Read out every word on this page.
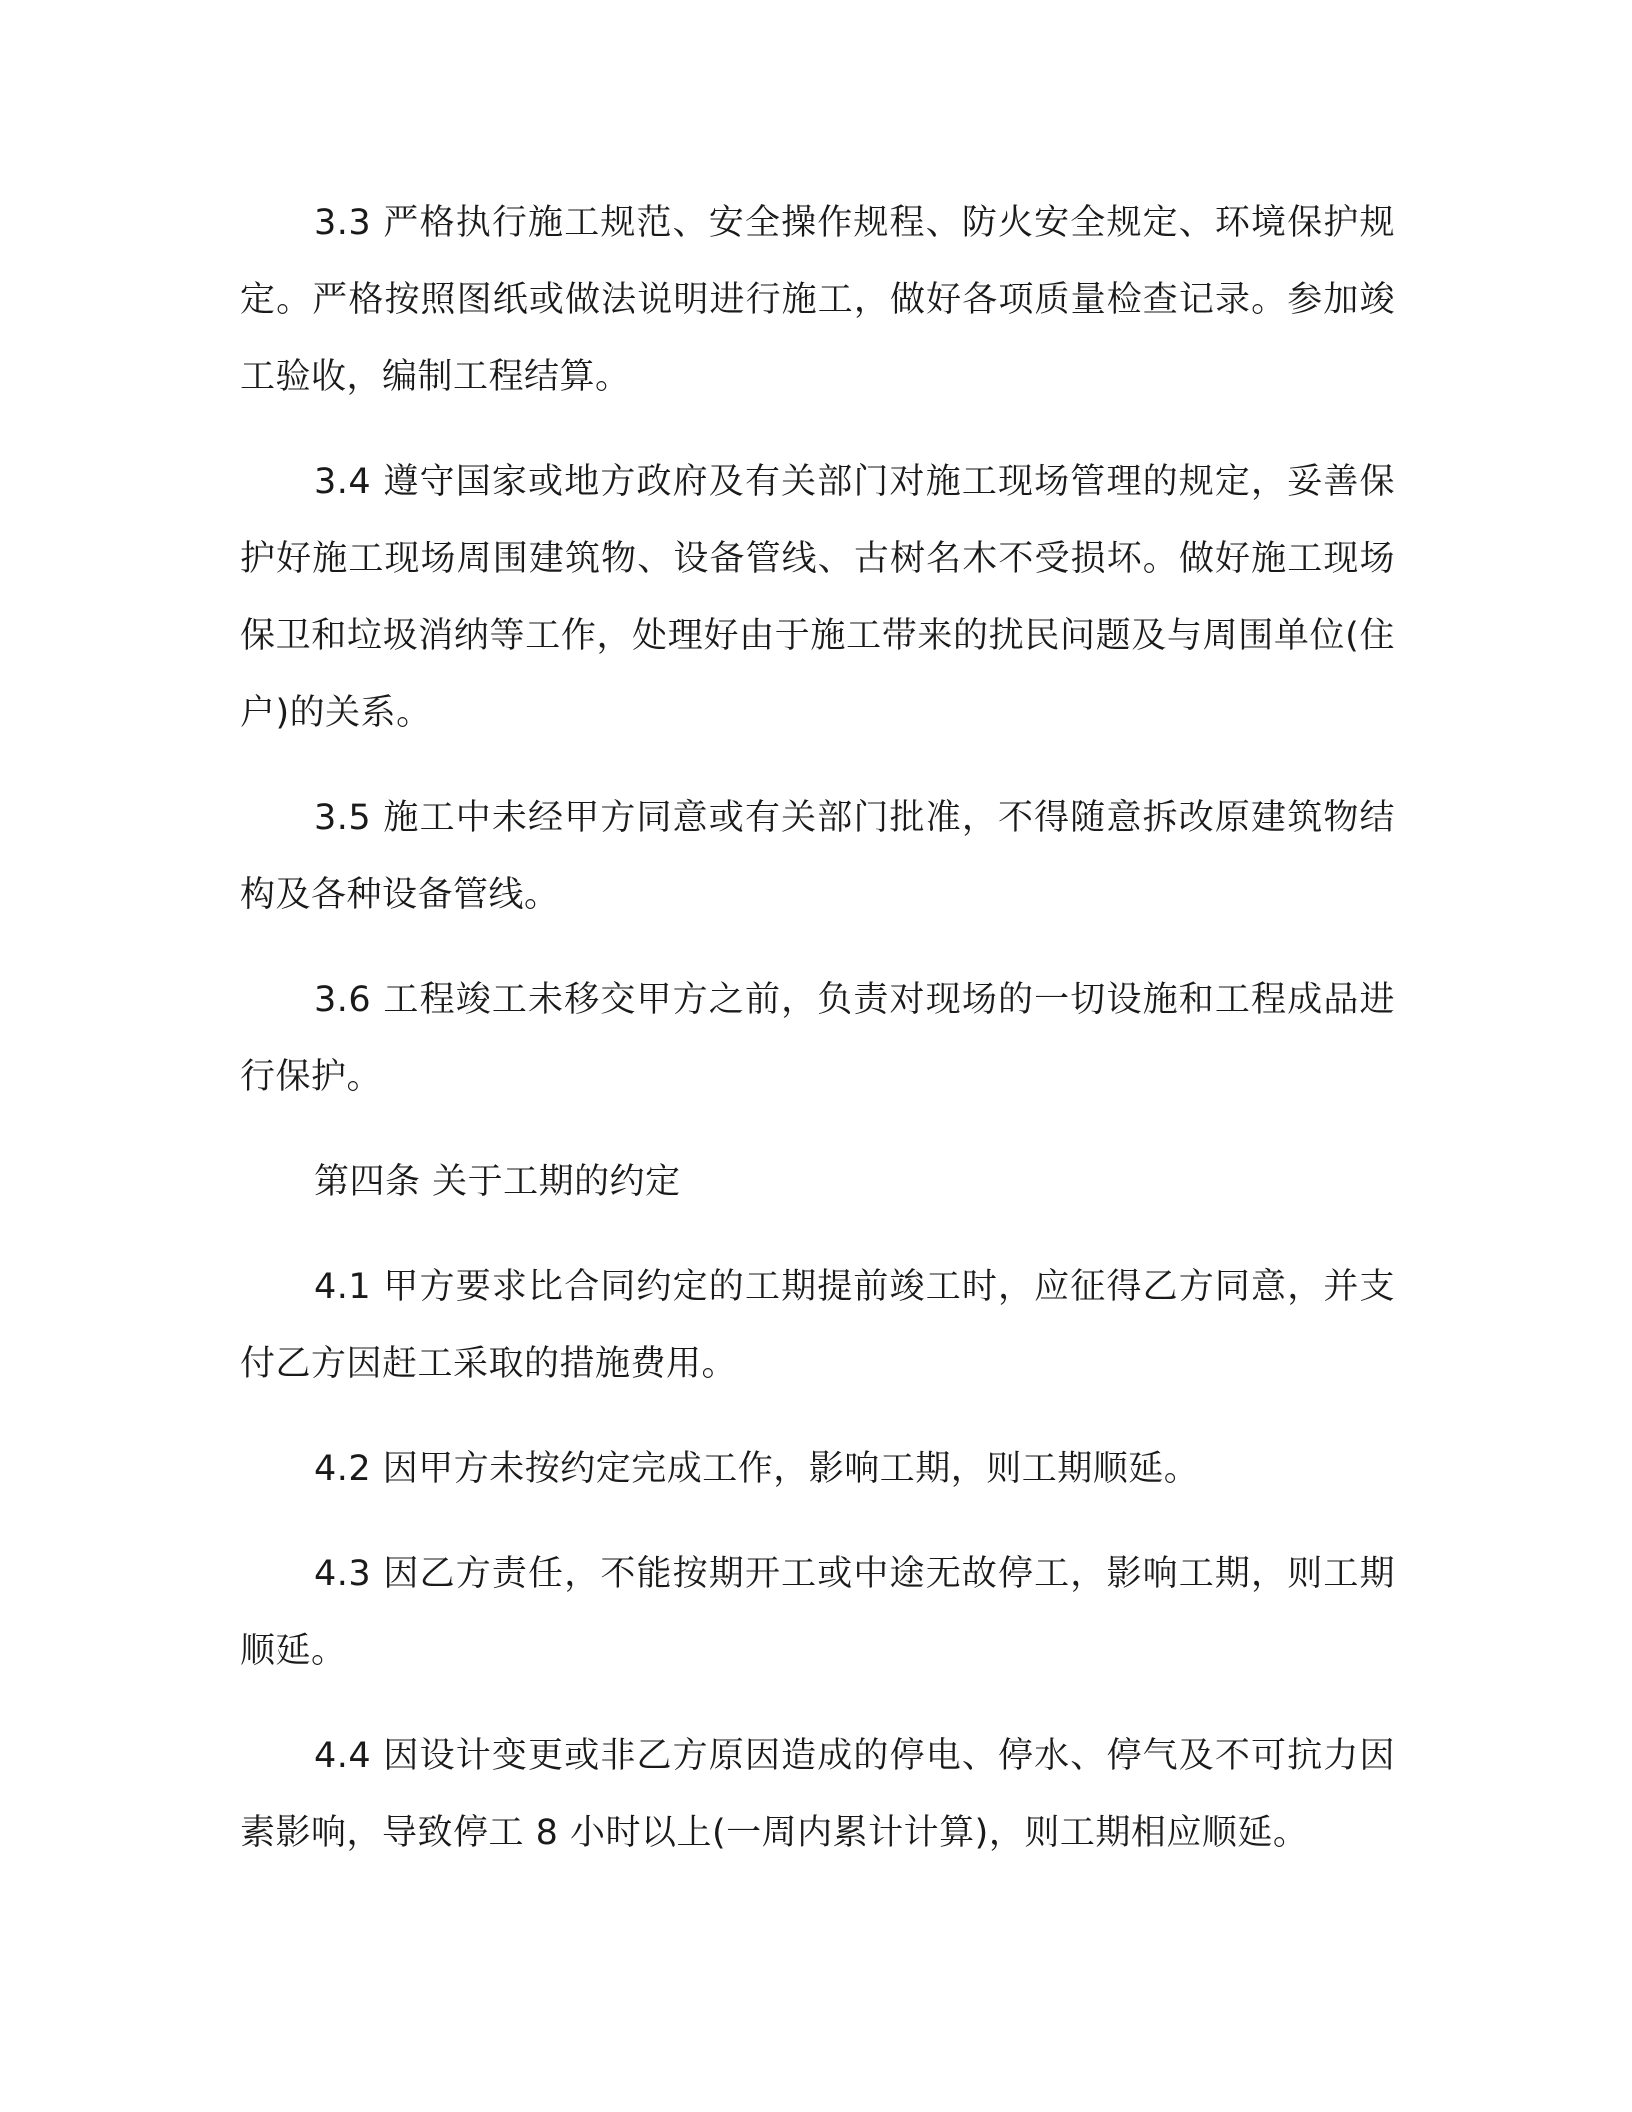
3.3 严格执行施工规范、安全操作规程、防火安全规定、环境保护规定。严格按照图纸或做法说明进行施工，做好各项质量检查记录。参加竣工验收，编制工程结算。

3.4 遵守国家或地方政府及有关部门对施工现场管理的规定，妥善保护好施工现场周围建筑物、设备管线、古树名木不受损坏。做好施工现场保卫和垃圾消纳等工作，处理好由于施工带来的扰民问题及与周围单位(住户)的关系。

3.5 施工中未经甲方同意或有关部门批准，不得随意拆改原建筑物结构及各种设备管线。

3.6 工程竣工未移交甲方之前，负责对现场的一切设施和工程成品进行保护。

第四条 关于工期的约定

4.1 甲方要求比合同约定的工期提前竣工时，应征得乙方同意，并支付乙方因赶工采取的措施费用。

4.2 因甲方未按约定完成工作，影响工期，则工期顺延。

4.3 因乙方责任，不能按期开工或中途无故停工，影响工期，则工期顺延。

4.4 因设计变更或非乙方原因造成的停电、停水、停气及不可抗力因素影响，导致停工 8 小时以上(一周内累计计算)，则工期相应顺延。
